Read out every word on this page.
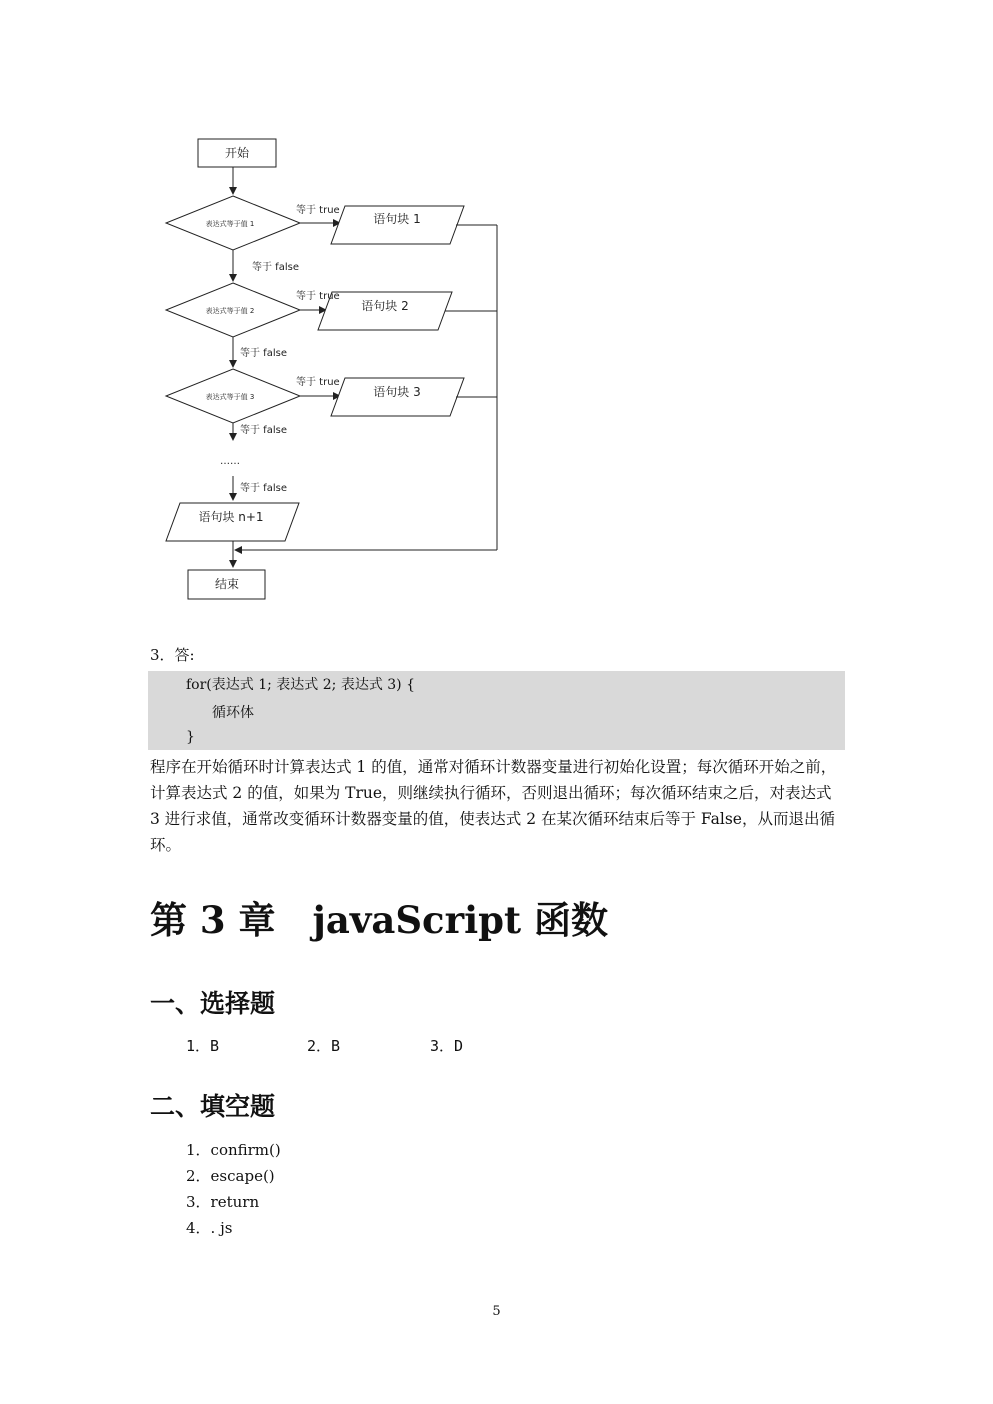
开始
表达式等于值 1
表达式等于值 2
表达式等于值 3
语句块 1
语句块 2
语句块 3
语句块 n+1
结束
等于 true
等于 true
等于 true
等于 false
等于 false
等于 false
……
等于 false
3．答:
for(表达式 1; 表达式 2; 表达式 3) {
循环体
}

程序在开始循环时计算表达式 1 的值，通常对循环计数器变量进行初始化设置；每次循环开始之前，计算表达式 2 的值，如果为 True，则继续执行循环，否则退出循环；每次循环结束之后，对表达式 3 进行求值，通常改变循环计数器变量的值，使表达式 2 在某次循环结束后等于 False，从而退出循环。

第 3 章　javaScript 函数
一、选择题
1．B	2．B	3．D
二、填空题
1．confirm()
2．escape()
3．return
4．. js
5
